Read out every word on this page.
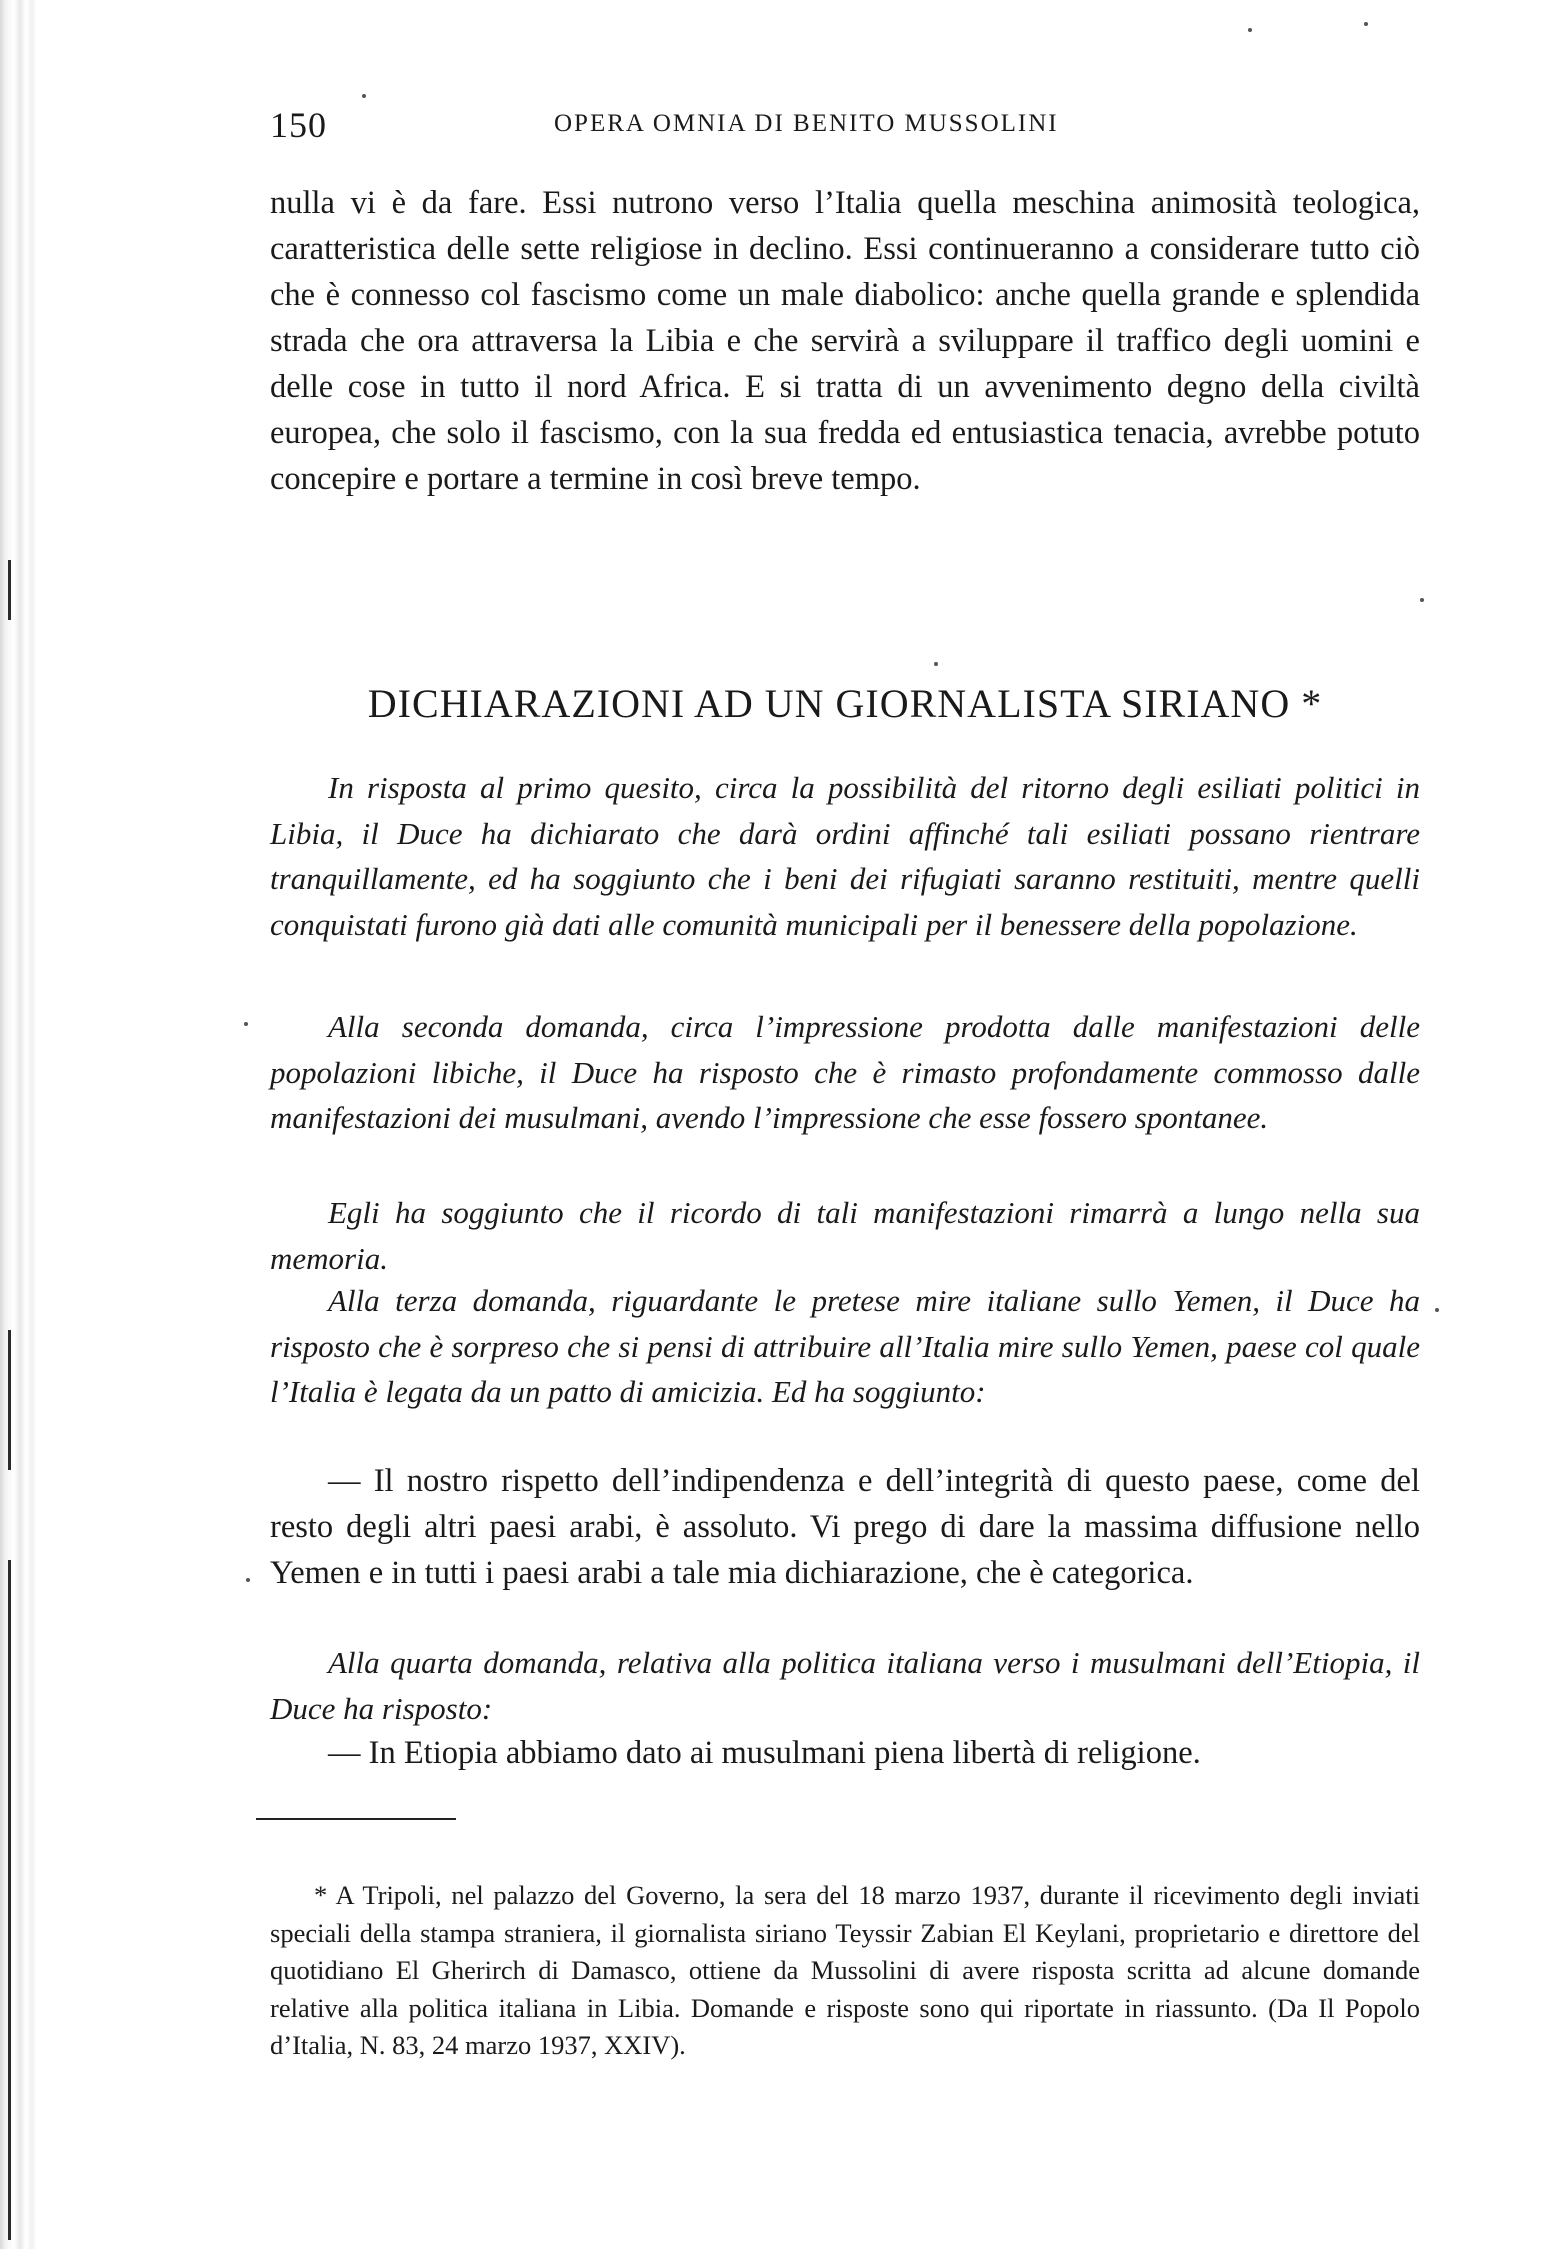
150	OPERA OMNIA DI BENITO MUSSOLINI

nulla vi è da fare. Essi nutrono verso l’Italia quella meschina animosità teologica, caratteristica delle sette religiose in declino. Essi continueranno a considerare tutto ciò che è connesso col fascismo come un male diabolico: anche quella grande e splendida strada che ora attraversa la Libia e che servirà a sviluppare il traffico degli uomini e delle cose in tutto il nord Africa. E si tratta di un avvenimento degno della civiltà europea, che solo il fascismo, con la sua fredda ed entusiastica tenacia, avrebbe potuto concepire e portare a termine in così breve tempo.

DICHIARAZIONI AD UN GIORNALISTA SIRIANO *

In risposta al primo quesito, circa la possibilità del ritorno degli esiliati politici in Libia, il Duce ha dichiarato che darà ordini affinché tali esiliati possano rientrare tranquillamente, ed ha soggiunto che i beni dei rifugiati saranno restituiti, mentre quelli conquistati furono già dati alle comunità municipali per il benessere della popolazione.

Alla seconda domanda, circa l’impressione prodotta dalle manifestazioni delle popolazioni libiche, il Duce ha risposto che è rimasto profondamente commosso dalle manifestazioni dei musulmani, avendo l’impressione che esse fossero spontanee.

Egli ha soggiunto che il ricordo di tali manifestazioni rimarrà a lungo nella sua memoria.

Alla terza domanda, riguardante le pretese mire italiane sullo Yemen, il Duce ha risposto che è sorpreso che si pensi di attribuire all’Italia mire sullo Yemen, paese col quale l’Italia è legata da un patto di amicizia. Ed ha soggiunto:

— Il nostro rispetto dell’indipendenza e dell’integrità di questo paese, come del resto degli altri paesi arabi, è assoluto. Vi prego di dare la massima diffusione nello Yemen e in tutti i paesi arabi a tale mia dichiarazione, che è categorica.

Alla quarta domanda, relativa alla politica italiana verso i musulmani dell’Etiopia, il Duce ha risposto:

— In Etiopia abbiamo dato ai musulmani piena libertà di religione.

* A Tripoli, nel palazzo del Governo, la sera del 18 marzo 1937, durante il ricevimento degli inviati speciali della stampa straniera, il giornalista siriano Teyssir Zabian El Keylani, proprietario e direttore del quotidiano El Gherirch di Damasco, ottiene da Mussolini di avere risposta scritta ad alcune domande relative alla politica italiana in Libia. Domande e risposte sono qui riportate in riassunto. (Da Il Popolo d’Italia, N. 83, 24 marzo 1937, XXIV).
